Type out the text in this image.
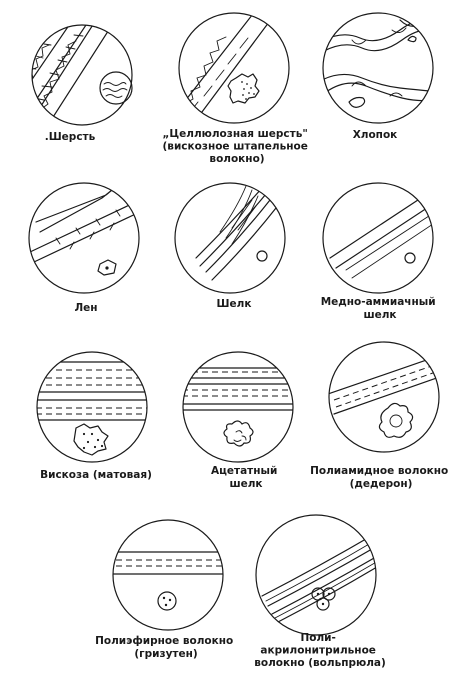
.Шерсть	„Целлюлозная шерсть" (вискозное штапельное волокно)
Хлопок
Лен	Шелк	Медно-аммиачный шелк
Вискоза (матовая)	Ацетатный шелк
Полиамидное волокно (дедерон)
Полиэфирное волокно (гризутен)
Поли- акрилонитрильное волокно (вольпрюла)
